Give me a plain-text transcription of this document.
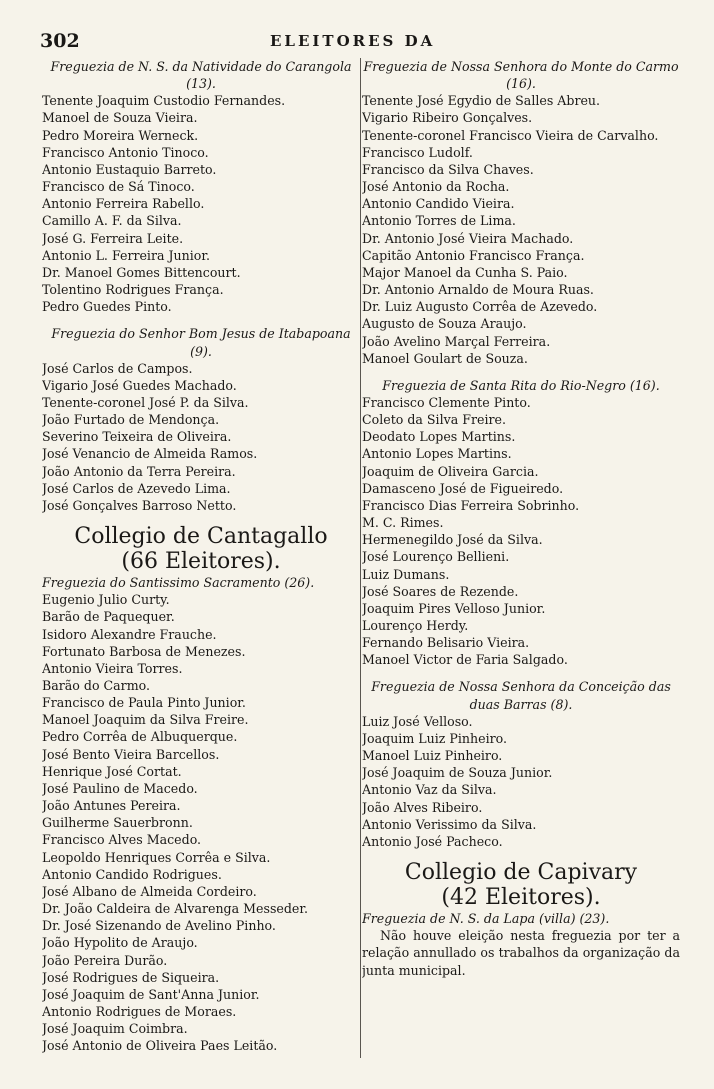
302	ELEITORES DA

Freguezia de N. S. da Natividade do Carangola (13).

Tenente Joaquim Custodio Fernandes.

Manoel de Souza Vieira.

Pedro Moreira Werneck.

Francisco Antonio Tinoco.

Antonio Eustaquio Barreto.

Francisco de Sá Tinoco.

Antonio Ferreira Rabello.

Camillo A. F. da Silva.

José G. Ferreira Leite.

Antonio L. Ferreira Junior.

Dr. Manoel Gomes Bittencourt.

Tolentino Rodrigues França.

Pedro Guedes Pinto.

Freguezia do Senhor Bom Jesus de Itabapoana (9).

José Carlos de Campos.

Vigario José Guedes Machado.

Tenente-coronel José P. da Silva.

João Furtado de Mendonça.

Severino Teixeira de Oliveira.

José Venancio de Almeida Ramos.

João Antonio da Terra Pereira.

José Carlos de Azevedo Lima.

José Gonçalves Barroso Netto.

Collegio de Cantagallo

(66 Eleitores).

Freguezia do Santissimo Sacramento (26).

Eugenio Julio Curty.

Barão de Paquequer.

Isidoro Alexandre Frauche.

Fortunato Barbosa de Menezes.

Antonio Vieira Torres.

Barão do Carmo.

Francisco de Paula Pinto Junior.

Manoel Joaquim da Silva Freire.

Pedro Corrêa de Albuquerque.

José Bento Vieira Barcellos.

Henrique José Cortat.

José Paulino de Macedo.

João Antunes Pereira.

Guilherme Sauerbronn.

Francisco Alves Macedo.

Leopoldo Henriques Corrêa e Silva.

Antonio Candido Rodrigues.

José Albano de Almeida Cordeiro.

Dr. João Caldeira de Alvarenga Messeder.

Dr. José Sizenando de Avelino Pinho.

João Hypolito de Araujo.

João Pereira Durão.

José Rodrigues de Siqueira.

José Joaquim de Sant'Anna Junior.

Antonio Rodrigues de Moraes.

José Joaquim Coimbra.

José Antonio de Oliveira Paes Leitão.

Freguezia de Nossa Senhora do Monte do Carmo (16).

Tenente José Egydio de Salles Abreu.

Vigario Ribeiro Gonçalves.

Tenente-coronel Francisco Vieira de Carvalho.

Francisco Ludolf.

Francisco da Silva Chaves.

José Antonio da Rocha.

Antonio Candido Vieira.

Antonio Torres de Lima.

Dr. Antonio José Vieira Machado.

Capitão Antonio Francisco França.

Major Manoel da Cunha S. Paio.

Dr. Antonio Arnaldo de Moura Ruas.

Dr. Luiz Augusto Corrêa de Azevedo.

Augusto de Souza Araujo.

João Avelino Marçal Ferreira.

Manoel Goulart de Souza.

Freguezia de Santa Rita do Rio-Negro (16).

Francisco Clemente Pinto.

Coleto da Silva Freire.

Deodato Lopes Martins.

Antonio Lopes Martins.

Joaquim de Oliveira Garcia.

Damasceno José de Figueiredo.

Francisco Dias Ferreira Sobrinho.

M. C. Rimes.

Hermenegildo José da Silva.

José Lourenço Bellieni.

Luiz Dumans.

José Soares de Rezende.

Joaquim Pires Velloso Junior.

Lourenço Herdy.

Fernando Belisario Vieira.

Manoel Victor de Faria Salgado.

Freguezia de Nossa Senhora da Conceição das duas Barras (8).

Luiz José Velloso.

Joaquim Luiz Pinheiro.

Manoel Luiz Pinheiro.

José Joaquim de Souza Junior.

Antonio Vaz da Silva.

João Alves Ribeiro.

Antonio Verissimo da Silva.

Antonio José Pacheco.

Collegio de Capivary

(42 Eleitores).

Freguezia de N. S. da Lapa (villa) (23).

Não houve eleição nesta freguezia por ter a relação annullado os trabalhos da organização da junta municipal.
